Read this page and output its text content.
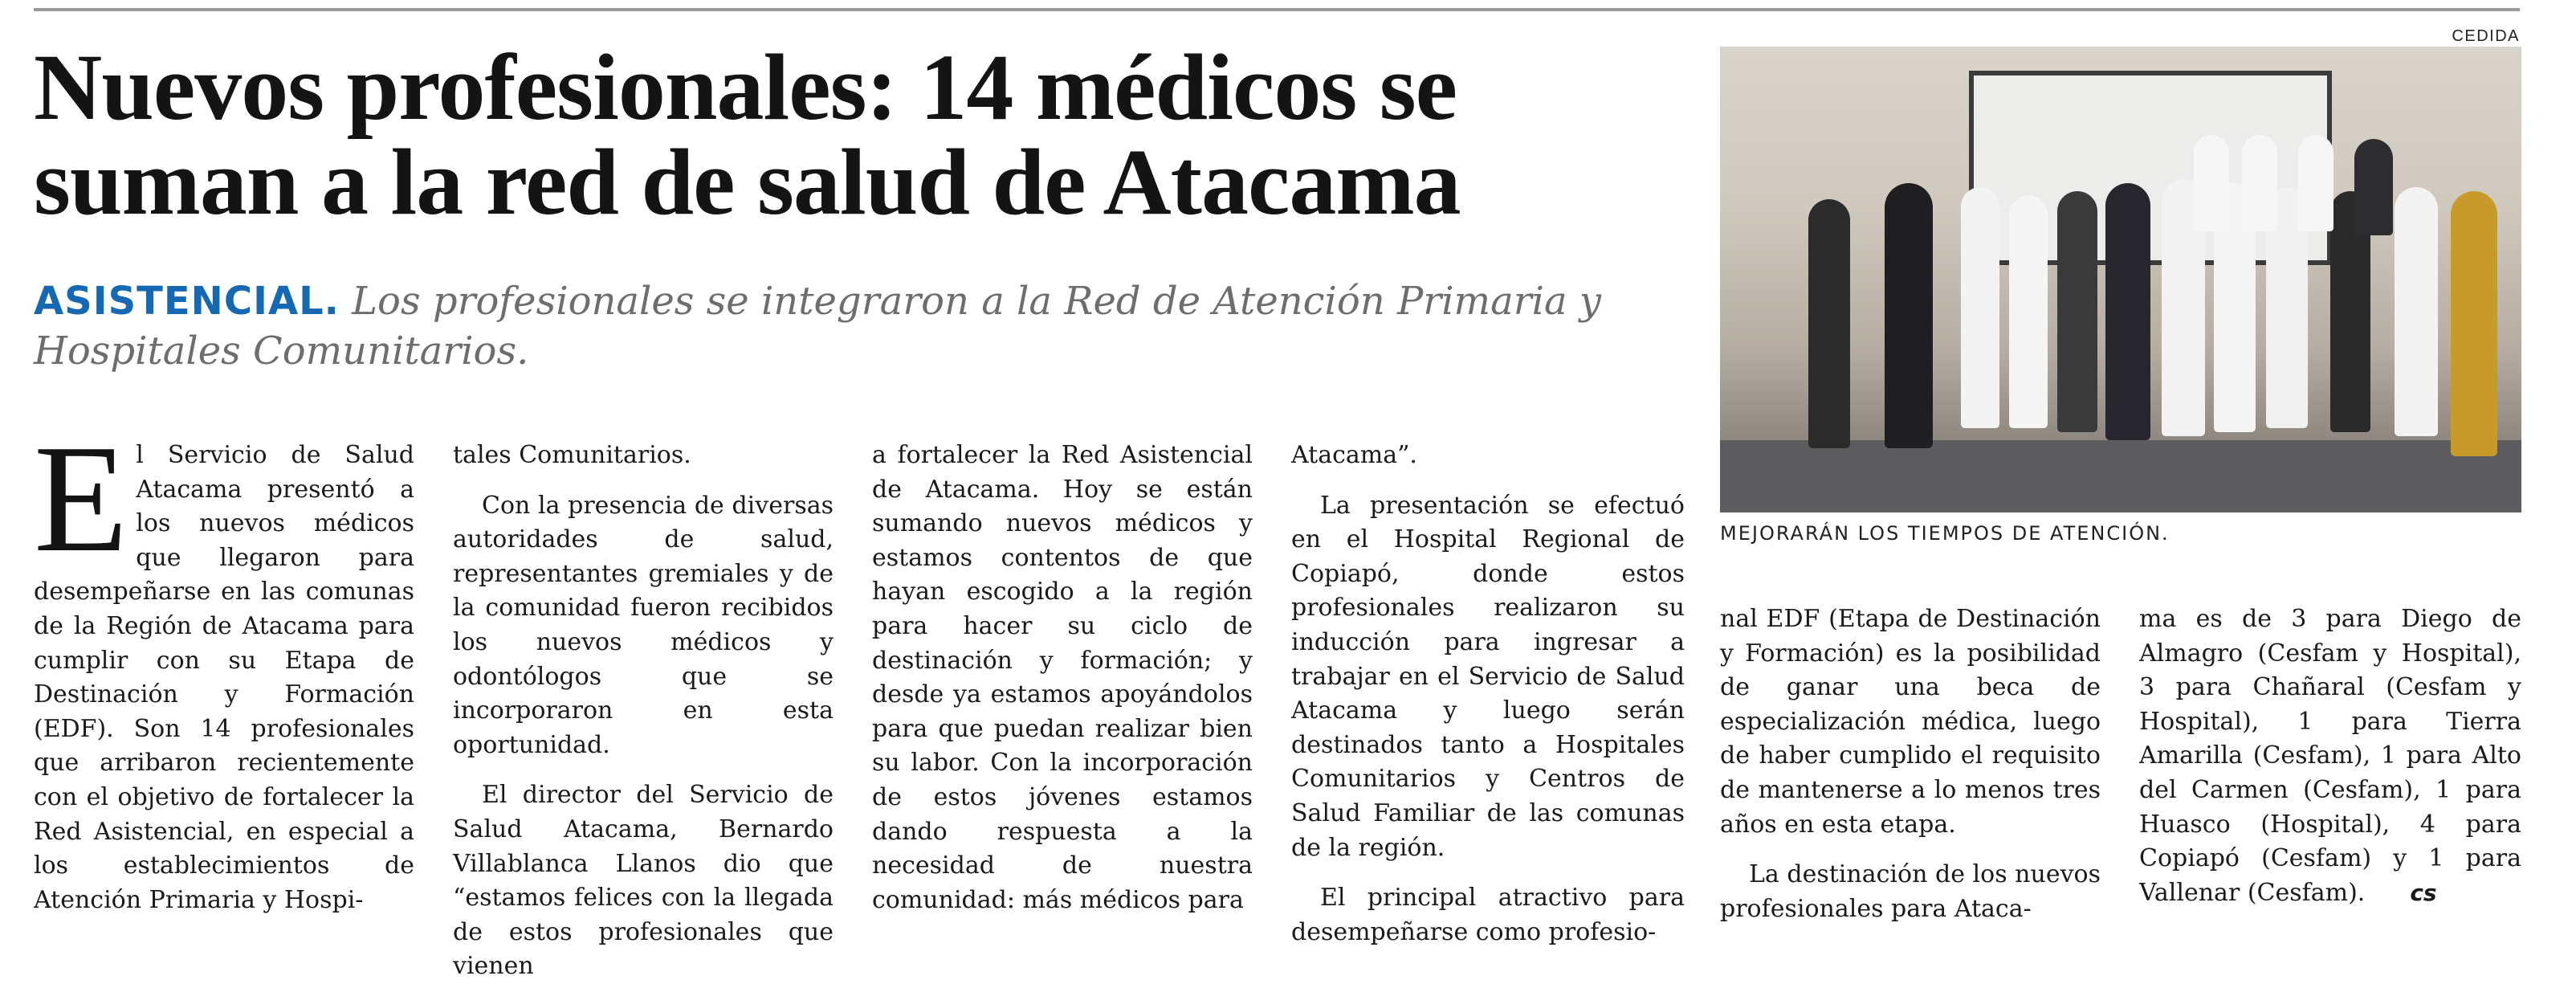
Nuevos profesionales: 14 médicos se suman a la red de salud de Atacama
ASISTENCIAL. Los profesionales se integraron a la Red de Atención Primaria y Hospitales Comunitarios.

El Servicio de Salud Atacama presentó a los nuevos médicos que llegaron para desempeñarse en las comunas de la Región de Atacama para cumplir con su Etapa de Destinación y Formación (EDF). Son 14 profesionales que arribaron recientemente con el objetivo de fortalecer la Red Asistencial, en especial a los establecimientos de Atención Primaria y Hospi-

tales Comunitarios.

Con la presencia de diversas autoridades de salud, representantes gremiales y de la comunidad fueron recibidos los nuevos médicos y odontólogos que se incorporaron en esta oportunidad.

El director del Servicio de Salud Atacama, Bernardo Villablanca Llanos dio que “estamos felices con la llegada de estos profesionales que vienen

a fortalecer la Red Asistencial de Atacama. Hoy se están sumando nuevos médicos y estamos contentos de que hayan escogido a la región para hacer su ciclo de destinación y formación; y desde ya estamos apoyándolos para que puedan realizar bien su labor. Con la incorporación de estos jóvenes estamos dando respuesta a la necesidad de nuestra comunidad: más médicos para

Atacama”.

La presentación se efectuó en el Hospital Regional de Copiapó, donde estos profesionales realizaron su inducción para ingresar a trabajar en el Servicio de Salud Atacama y luego serán destinados tanto a Hospitales Comunitarios y Centros de Salud Familiar de las comunas de la región.

El principal atractivo para desempeñarse como profesio-

CEDIDA
MEJORARÁN LOS TIEMPOS DE ATENCIÓN.

nal EDF (Etapa de Destinación y Formación) es la posibilidad de ganar una beca de especialización médica, luego de haber cumplido el requisito de mantenerse a lo menos tres años en esta etapa.

La destinación de los nuevos profesionales para Ataca-

ma es de 3 para Diego de Almagro (Cesfam y Hospital), 3 para Chañaral (Cesfam y Hospital), 1 para Tierra Amarilla (Cesfam), 1 para Alto del Carmen (Cesfam), 1 para Huasco (Hospital), 4 para Copiapó (Cesfam) y 1 para Vallenar (Cesfam). cs
